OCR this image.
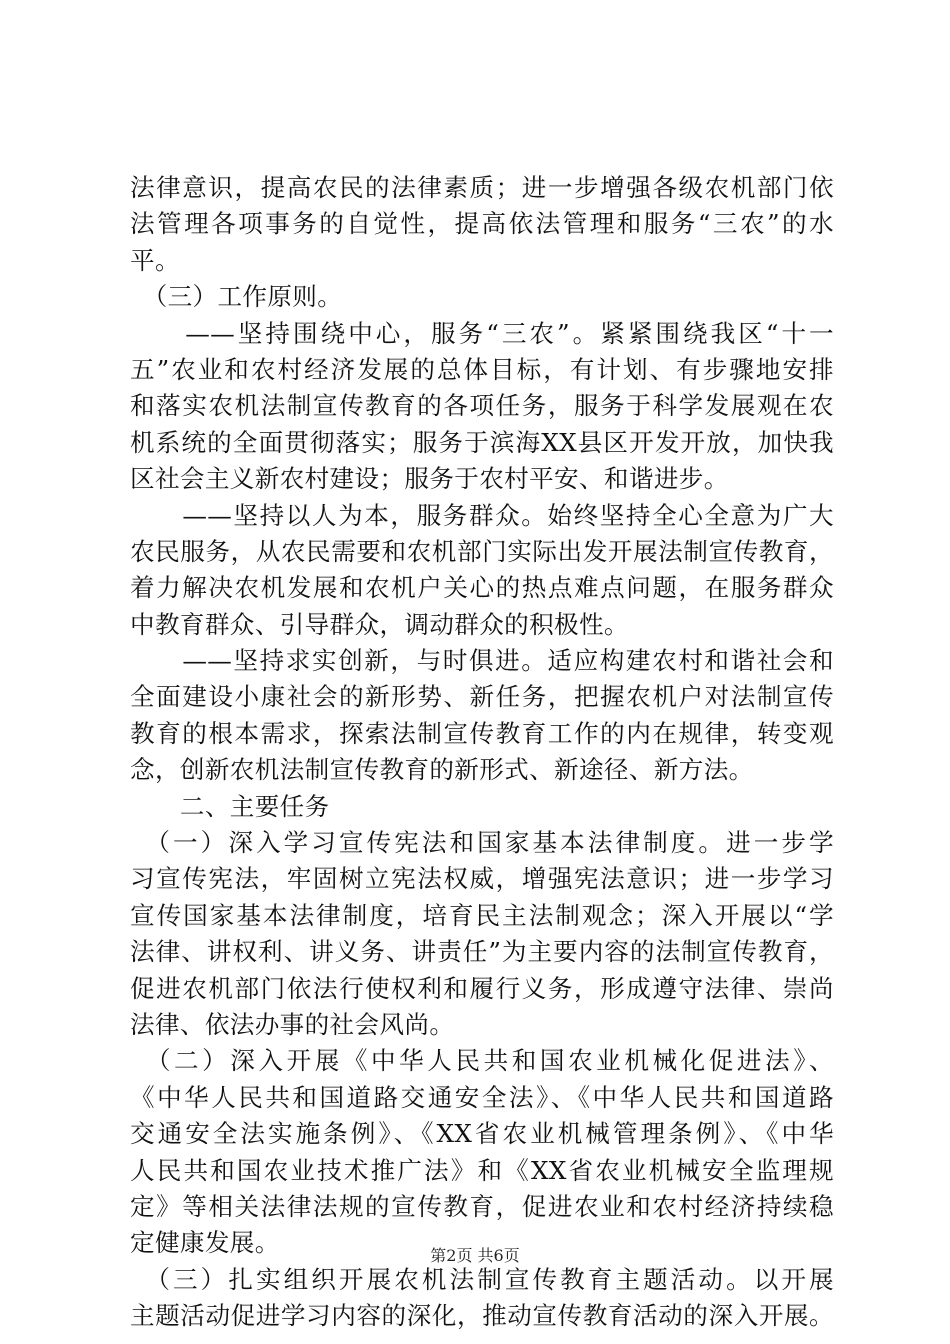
法律意识，提高农民的法律素质；进一步增强各级农机部门依
法管理各项事务的自觉性，提高依法管理和服务“三农”的水
平。
　（三）工作原则。
　　——坚持围绕中心，服务“三农”。紧紧围绕我区“十一
五”农业和农村经济发展的总体目标，有计划、有步骤地安排
和落实农机法制宣传教育的各项任务，服务于科学发展观在农
机系统的全面贯彻落实；服务于滨海XX县区开发开放，加快我
区社会主义新农村建设；服务于农村平安、和谐进步。
　　——坚持以人为本，服务群众。始终坚持全心全意为广大
农民服务，从农民需要和农机部门实际出发开展法制宣传教育，
着力解决农机发展和农机户关心的热点难点问题，在服务群众
中教育群众、引导群众，调动群众的积极性。
　　——坚持求实创新，与时俱进。适应构建农村和谐社会和
全面建设小康社会的新形势、新任务，把握农机户对法制宣传
教育的根本需求，探索法制宣传教育工作的内在规律，转变观
念，创新农机法制宣传教育的新形式、新途径、新方法。
　　二、主要任务
　（一）深入学习宣传宪法和国家基本法律制度。进一步学
习宣传宪法，牢固树立宪法权威，增强宪法意识；进一步学习
宣传国家基本法律制度，培育民主法制观念；深入开展以“学
法律、讲权利、讲义务、讲责任”为主要内容的法制宣传教育，
促进农机部门依法行使权利和履行义务，形成遵守法律、崇尚
法律、依法办事的社会风尚。
　（二）深入开展《中华人民共和国农业机械化促进法》、
《中华人民共和国道路交通安全法》、《中华人民共和国道路
交通安全法实施条例》、《XX省农业机械管理条例》、《中华
人民共和国农业技术推广法》和《XX省农业机械安全监理规
定》等相关法律法规的宣传教育，促进农业和农村经济持续稳
定健康发展。
　（三）扎实组织开展农机法制宣传教育主题活动。以开展
主题活动促进学习内容的深化，推动宣传教育活动的深入开展。
第2页 共6页
